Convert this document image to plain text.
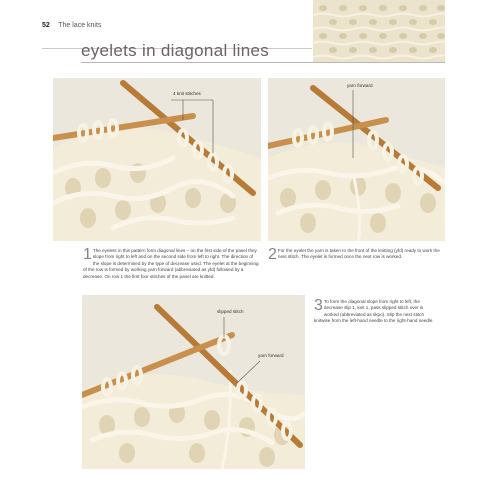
52 The lace knits
eyelets in diagonal lines
4 knit stitches
yarn forward
slipped stitch
yarn forward
1 The eyelets in this pattern form diagonal lines – on the first side of the panel they slope from right to left and on the second side from left to right. The direction of the slope is determined by the type of decrease used. The eyelet at the beginning of the row is formed by working yarn forward (abbreviated as yfd) followed by a decrease. On row 1 the first four stitches of the panel are knitted.
2 For the eyelet the yarn is taken to the front of the knitting (yfd) ready to work the next stitch. The eyelet is formed once the next row is worked.
3 To form the diagonal slope from right to left, the decrease slip 1, knit 1, pass slipped stitch over is worked (abbreviated as skpo). Slip the next stitch knitwise from the left-hand needle to the right-hand needle.
